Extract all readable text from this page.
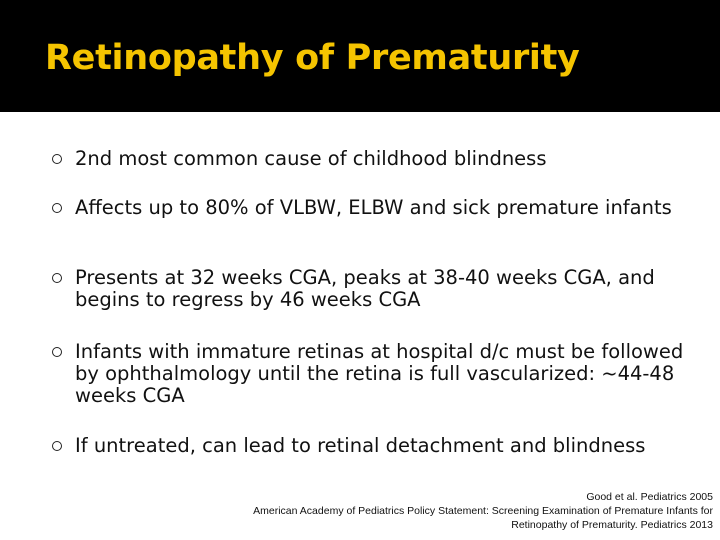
Retinopathy of Prematurity
2nd most common cause of childhood blindness
Affects up to 80% of VLBW, ELBW and sick premature infants
Presents at 32 weeks CGA, peaks at 38-40 weeks CGA, and begins to regress by 46 weeks CGA
Infants with immature retinas at hospital d/c must be followed by ophthalmology until the retina is full vascularized: ~44-48 weeks CGA
If untreated, can lead to retinal detachment and blindness
Good et al. Pediatrics 2005
American Academy of Pediatrics Policy Statement: Screening Examination of Premature Infants for
Retinopathy of Prematurity. Pediatrics 2013
